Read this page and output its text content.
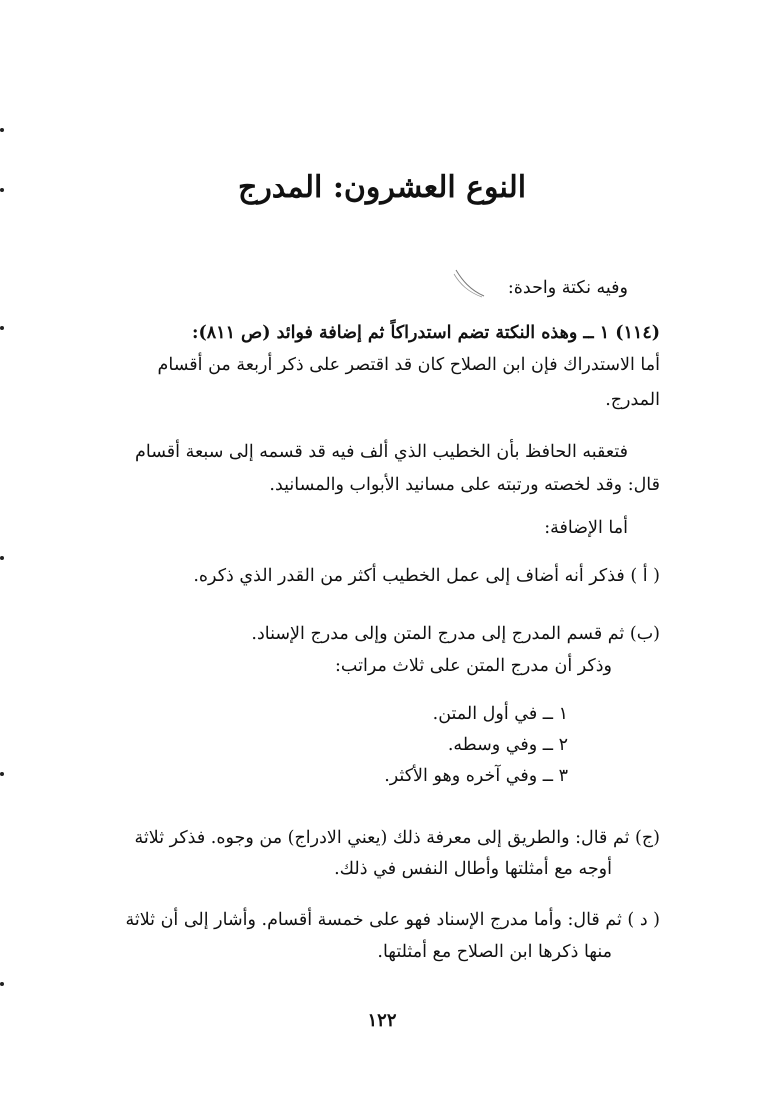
النوع العشرون: المدرج
وفيه نكتة واحدة:
(١١٤) ١ ــ وهذه النكتة تضم استدراكاً ثم إضافة فوائد (ص ٨١١):
أما الاستدراك فإن ابن الصلاح كان قد اقتصر على ذكر أربعة من أقسام
المدرج.
فتعقبه الحافظ بأن الخطيب الذي ألف فيه قد قسمه إلى سبعة أقسام
قال: وقد لخصته ورتبته على مسانيد الأبواب والمسانيد.
أما الإضافة:
( أ ) فذكر أنه أضاف إلى عمل الخطيب أكثر من القدر الذي ذكره.
(ب) ثم قسم المدرج إلى مدرج المتن وإلى مدرج الإسناد.
وذكر أن مدرج المتن على ثلاث مراتب:
١ ــ في أول المتن.
٢ ــ وفي وسطه.
٣ ــ وفي آخره وهو الأكثر.
(ج) ثم قال: والطريق إلى معرفة ذلك (يعني الادراج) من وجوه. فذكر ثلاثة
أوجه مع أمثلتها وأطال النفس في ذلك.
( د ) ثم قال: وأما مدرج الإسناد فهو على خمسة أقسام. وأشار إلى أن ثلاثة
منها ذكرها ابن الصلاح مع أمثلتها.
١٢٢
